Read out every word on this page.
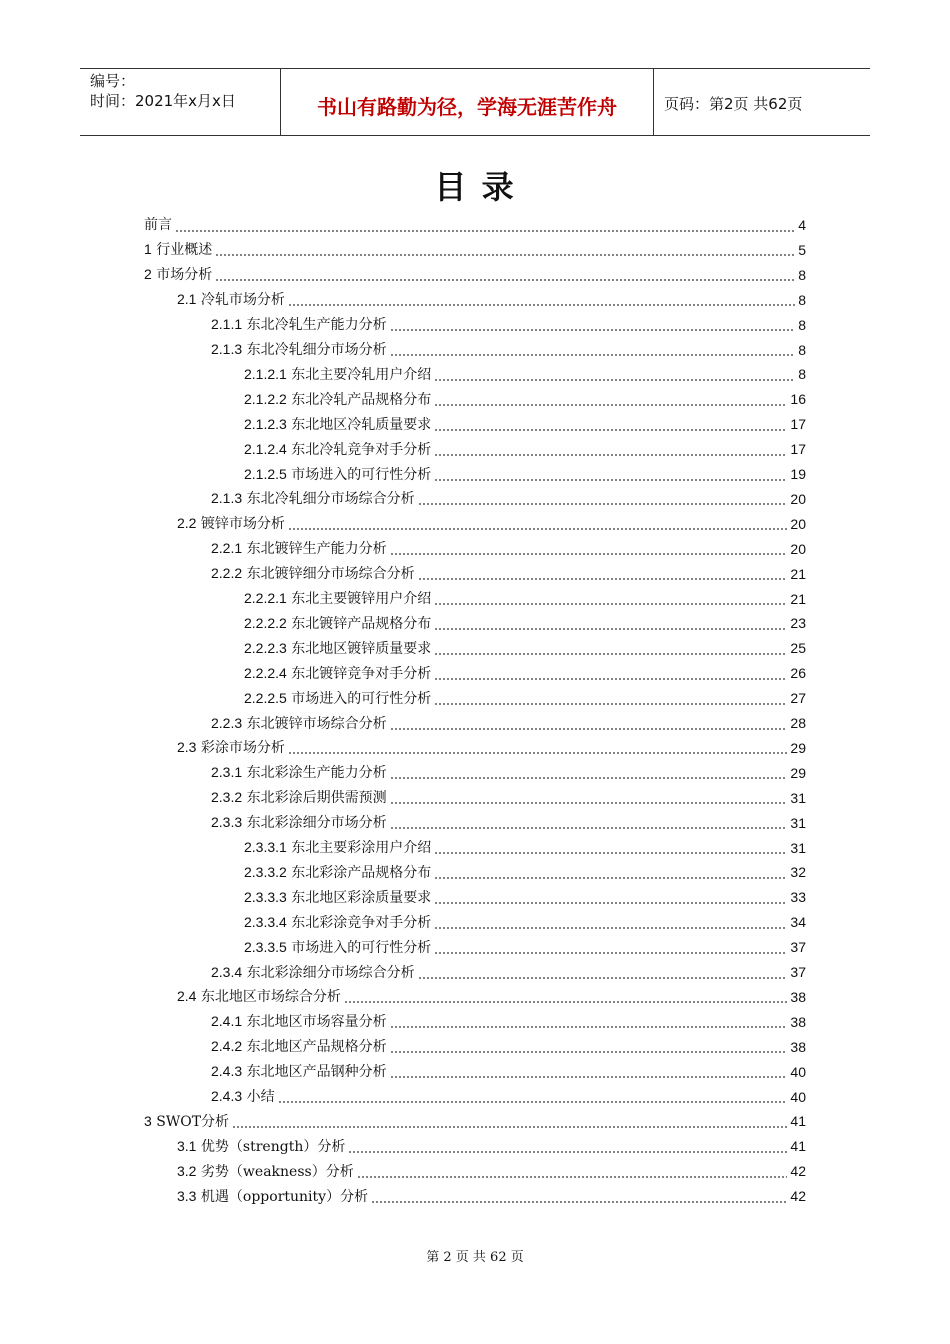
编号：
时间：2021年x月x日	书山有路勤为径，学海无涯苦作舟	页码：第2页 共62页
目 录
前言	4
1 行业概述	5
2 市场分析	8
2.1 冷轧市场分析	8
2.1.1 东北冷轧生产能力分析	8
2.1.3 东北冷轧细分市场分析	8
2.1.2.1 东北主要冷轧用户介绍	8
2.1.2.2 东北冷轧产品规格分布	16
2.1.2.3 东北地区冷轧质量要求	17
2.1.2.4 东北冷轧竞争对手分析	17
2.1.2.5 市场进入的可行性分析	19
2.1.3 东北冷轧细分市场综合分析	20
2.2 镀锌市场分析	20
2.2.1 东北镀锌生产能力分析	20
2.2.2 东北镀锌细分市场综合分析	21
2.2.2.1 东北主要镀锌用户介绍	21
2.2.2.2 东北镀锌产品规格分布	23
2.2.2.3 东北地区镀锌质量要求	25
2.2.2.4 东北镀锌竞争对手分析	26
2.2.2.5 市场进入的可行性分析	27
2.2.3 东北镀锌市场综合分析	28
2.3 彩涂市场分析	29
2.3.1 东北彩涂生产能力分析	29
2.3.2 东北彩涂后期供需预测	31
2.3.3 东北彩涂细分市场分析	31
2.3.3.1 东北主要彩涂用户介绍	31
2.3.3.2 东北彩涂产品规格分布	32
2.3.3.3 东北地区彩涂质量要求	33
2.3.3.4 东北彩涂竞争对手分析	34
2.3.3.5 市场进入的可行性分析	37
2.3.4 东北彩涂细分市场综合分析	37
2.4 东北地区市场综合分析	38
2.4.1 东北地区市场容量分析	38
2.4.2 东北地区产品规格分析	38
2.4.3 东北地区产品钢种分析	40
2.4.3 小结	40
3 SWOT分析	41
3.1 优势（strength）分析	41
3.2 劣势（weakness）分析	42
3.3 机遇（opportunity）分析	42
第 2 页 共 62 页
